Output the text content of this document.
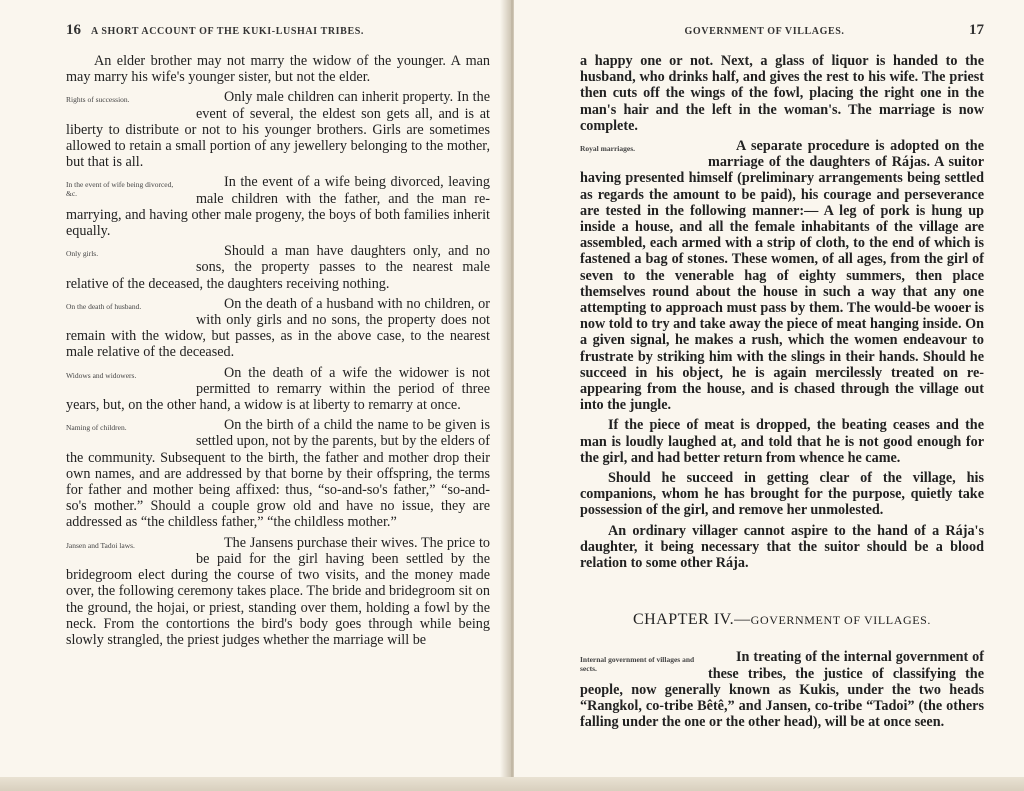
16	A SHORT ACCOUNT OF THE KUKI-LUSHAI TRIBES.

An elder brother may not marry the widow of the younger. A man may marry his wife's younger sister, but not the elder.

Rights of succession.	Only male children can inherit property. In the event of several, the eldest son gets all, and is at liberty to distribute or not to his younger brothers. Girls are sometimes allowed to retain a small portion of any jewellery belonging to the mother, but that is all.

In the event of wife being divorced, &c.
In the event of a wife being divorced, leaving male children with the father, and the man re-marrying, and having other male progeny, the boys of both families inherit equally.

Only girls.	Should a man have daughters only, and no sons, the property passes to the nearest male relative of the deceased, the daughters receiving nothing.

On the death of husband.	On the death of a husband with no children, or with only girls and no sons, the property does not remain with the widow, but passes, as in the above case, to the nearest male relative of the deceased.

Widows and widowers.	On the death of a wife the widower is not permitted to remarry within the period of three years, but, on the other hand, a widow is at liberty to remarry at once.

Naming of children.	On the birth of a child the name to be given is settled upon, not by the parents, but by the elders of the community. Subsequent to the birth, the father and mother drop their own names, and are addressed by that borne by their offspring, the terms for father and mother being affixed: thus, “so-and-so's father,” “so-and-so's mother.” Should a couple grow old and have no issue, they are addressed as “the childless father,” “the childless mother.”

Jansen and Tadoi laws.	The Jansens purchase their wives. The price to be paid for the girl having been settled by the bridegroom elect during the course of two visits, and the money made over, the following ceremony takes place. The bride and bridegroom sit on the ground, the hojai, or priest, standing over them, holding a fowl by the neck. From the contortions the bird's body goes through while being slowly strangled, the priest judges whether the marriage will be

GOVERNMENT OF VILLAGES.	17

a happy one or not. Next, a glass of liquor is handed to the husband, who drinks half, and gives the rest to his wife. The priest then cuts off the wings of the fowl, placing the right one in the man's hair and the left in the woman's. The marriage is now complete.

Royal marriages.	A separate procedure is adopted on the marriage of the daughters of Rájas. A suitor having presented himself (preliminary arrangements being settled as regards the amount to be paid), his courage and perseverance are tested in the following manner:— A leg of pork is hung up inside a house, and all the female inhabitants of the village are assembled, each armed with a strip of cloth, to the end of which is fastened a bag of stones. These women, of all ages, from the girl of seven to the venerable hag of eighty summers, then place themselves round about the house in such a way that any one attempting to approach must pass by them. The would-be wooer is now told to try and take away the piece of meat hanging inside. On a given signal, he makes a rush, which the women endeavour to frustrate by striking him with the slings in their hands. Should he succeed in his object, he is again mercilessly treated on re-appearing from the house, and is chased through the village out into the jungle.

If the piece of meat is dropped, the beating ceases and the man is loudly laughed at, and told that he is not good enough for the girl, and had better return from whence he came.

Should he succeed in getting clear of the village, his companions, whom he has brought for the purpose, quietly take possession of the girl, and remove her unmolested.

An ordinary villager cannot aspire to the hand of a Rája's daughter, it being necessary that the suitor should be a blood relation to some other Rája.

CHAPTER IV.—GOVERNMENT OF VILLAGES.

Internal government of villages and sects.
In treating of the internal government of these tribes, the justice of classifying the people, now generally known as Kukis, under the two heads “Rangkol, co-tribe Bêtê,” and Jansen, co-tribe “Tadoi” (the others falling under the one or the other head), will be at once seen.
